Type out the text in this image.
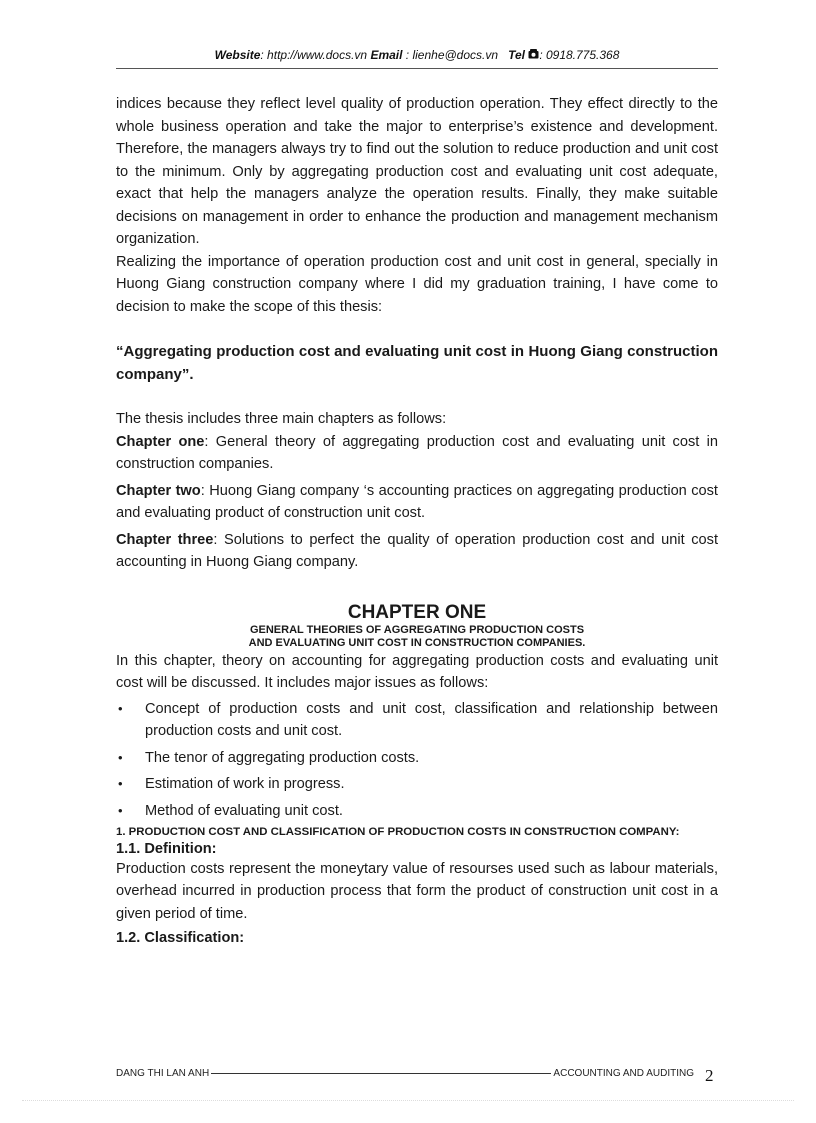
Website: http://www.docs.vn Email : lienhe@docs.vn Tel : 0918.775.368

indices because they reflect level quality of production operation. They effect directly to the whole business operation and take the major to enterprise’s existence and development. Therefore, the managers always try to find out the solution to reduce production and unit cost to the minimum. Only by aggregating production cost and evaluating unit cost adequate, exact that help the managers analyze the operation results. Finally, they make suitable decisions on management in order to enhance the production and management mechanism organization.

Realizing the importance of operation production cost and unit cost in general, specially in Huong Giang construction company where I did my graduation training, I have come to decision to make the scope of this thesis:

“Aggregating production cost and evaluating unit cost in Huong Giang construction company”.

The thesis includes three main chapters as follows:

Chapter one: General theory of aggregating production cost and evaluating unit cost in construction companies.

Chapter two: Huong Giang company ‘s accounting practices on aggregating production cost and evaluating product of construction unit cost.

Chapter three: Solutions to perfect the quality of operation production cost and unit cost accounting in Huong Giang company.

CHAPTER ONE
GENERAL THEORIES OF AGGREGATING PRODUCTION COSTS
AND EVALUATING UNIT COST IN CONSTRUCTION COMPANIES.

In this chapter, theory on accounting for aggregating production costs and evaluating unit cost will be discussed. It includes major issues as follows:

• Concept of production costs and unit cost, classification and relationship between production costs and unit cost.
• The tenor of aggregating production costs.
• Estimation of work in progress.
• Method of evaluating unit cost.

1. PRODUCTION COST AND CLASSIFICATION OF PRODUCTION COSTS IN CONSTRUCTION COMPANY:

1.1. Definition:

Production costs represent the moneytary value of resourses used such as labour materials, overhead incurred in production process that form the product of construction unit cost in a given period of time.

1.2. Classification:

DANG THI LAN ANH	ACCOUNTING AND AUDITING 2
